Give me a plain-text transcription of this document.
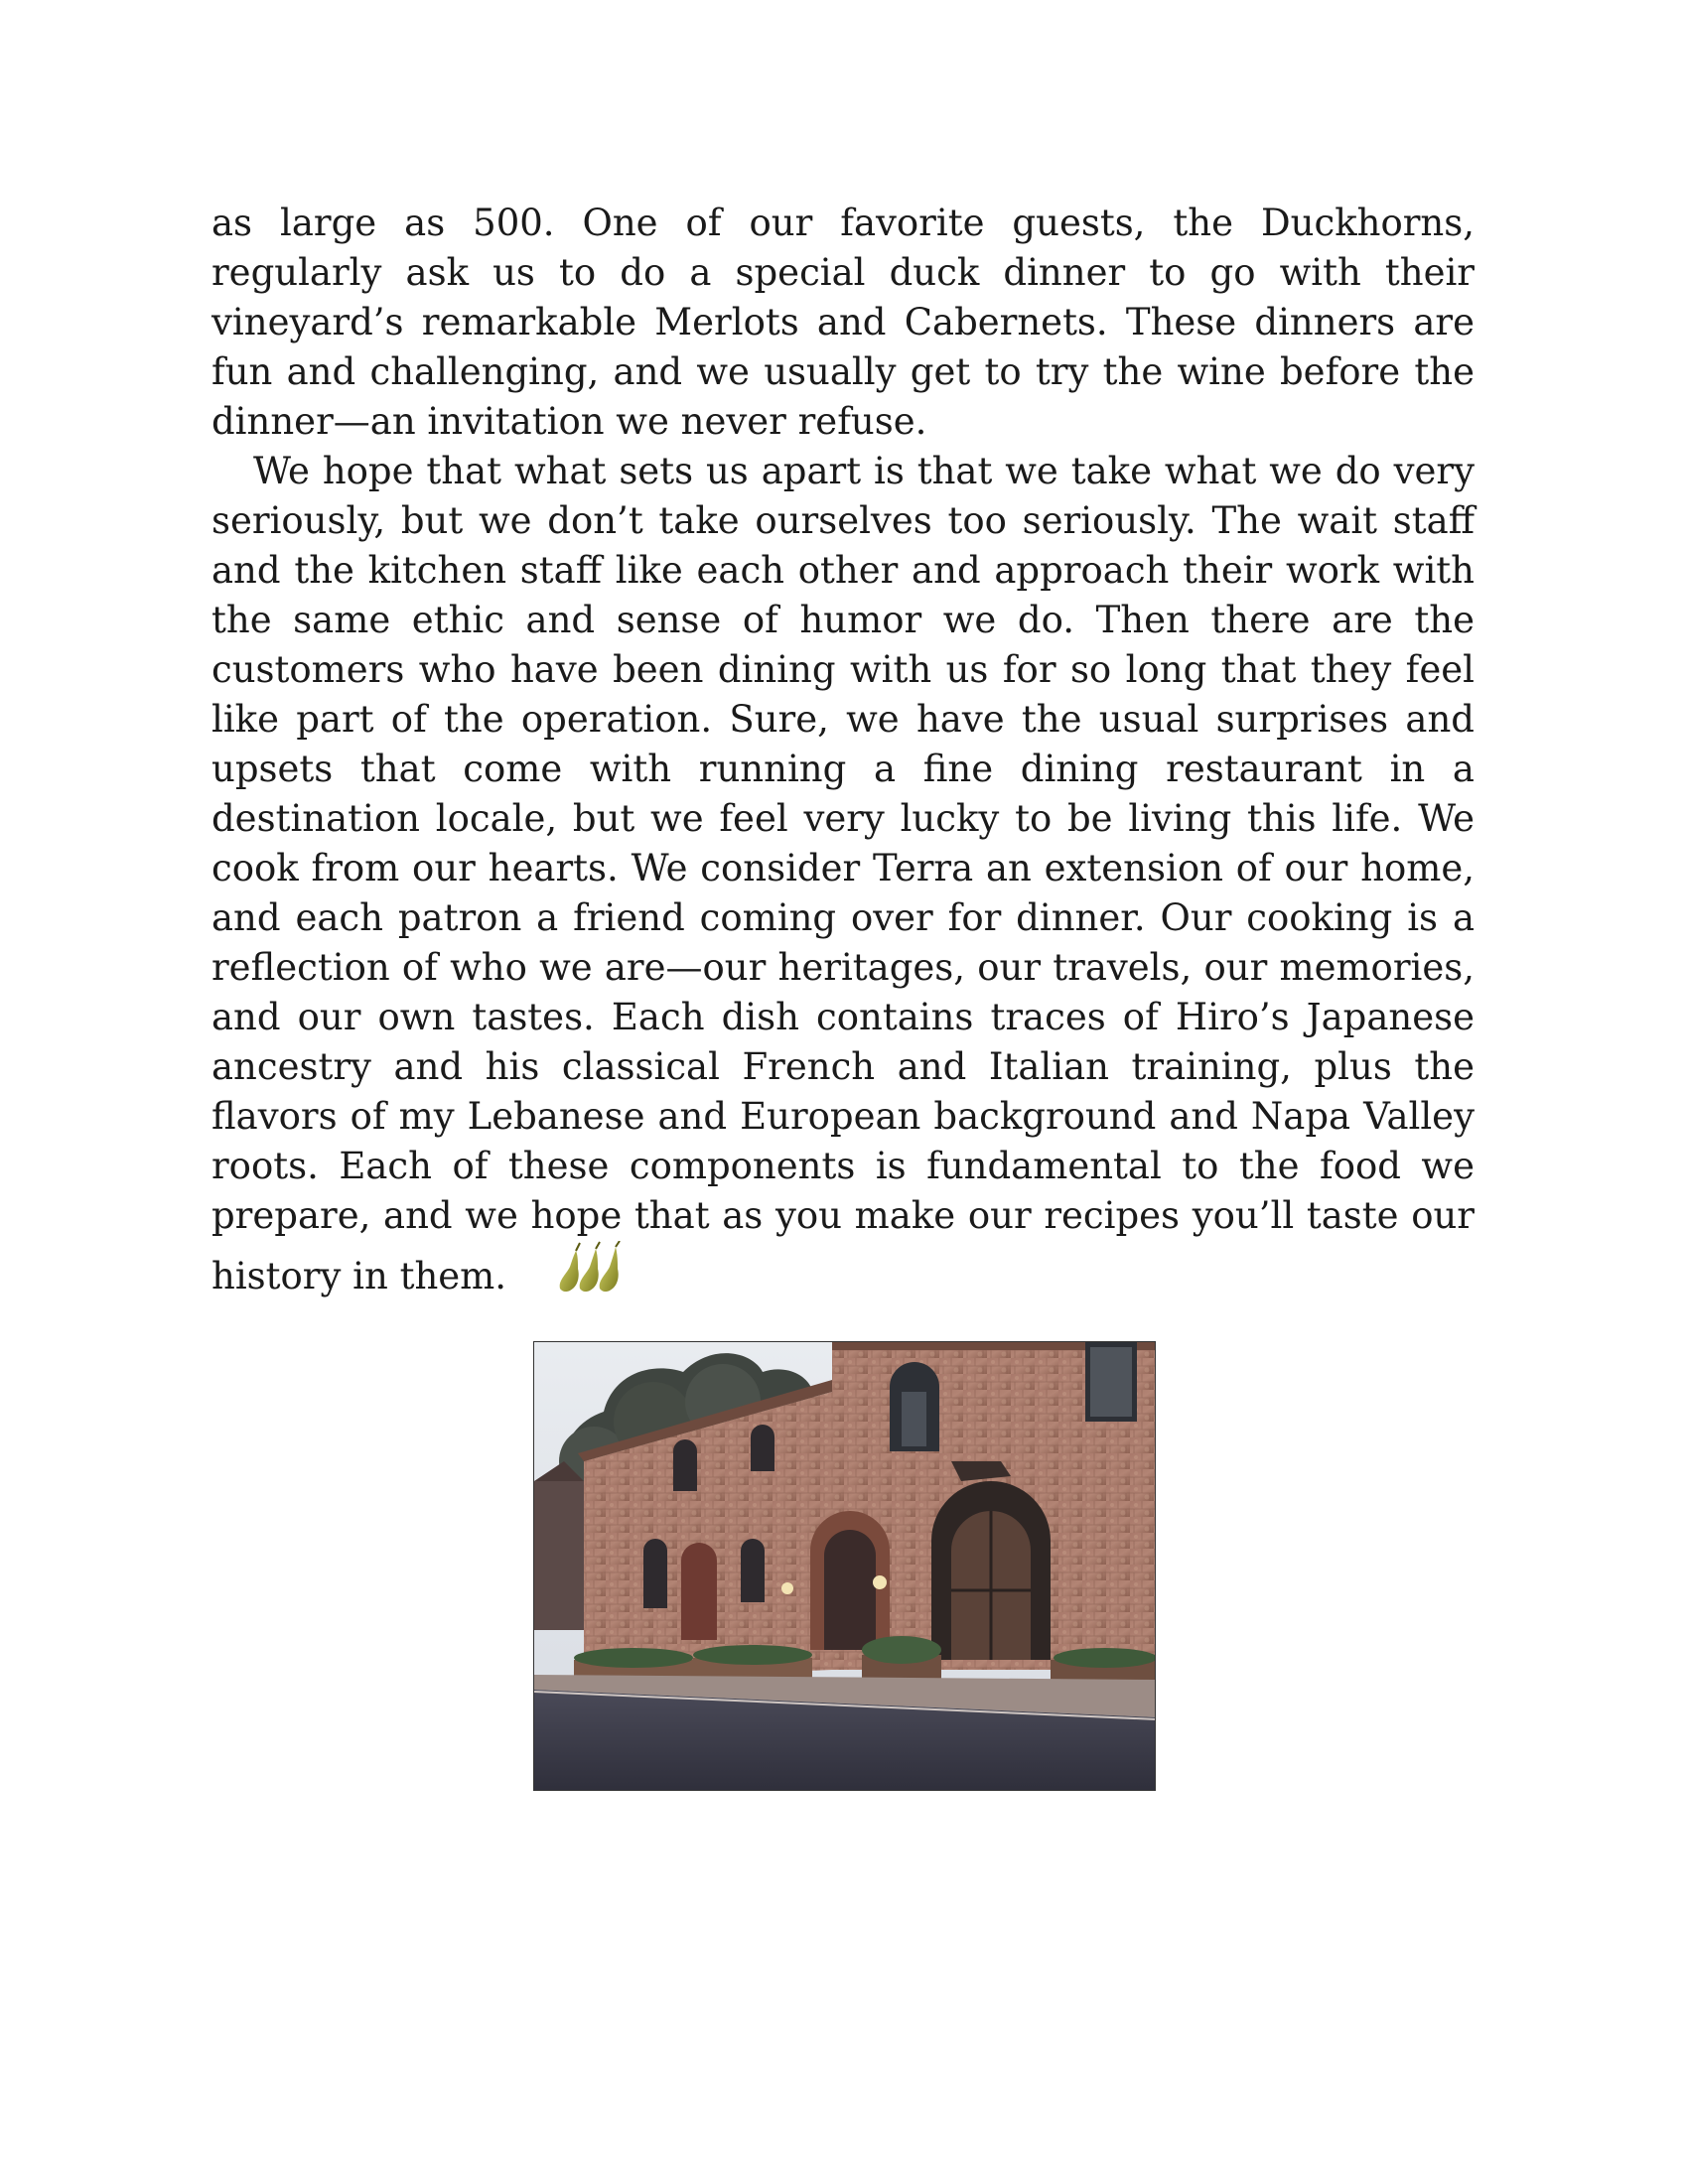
as large as 500. One of our favorite guests, the Duckhorns, regularly ask us to do a special duck dinner to go with their vineyard’s remarkable Merlots and Cabernets. These dinners are fun and challenging, and we usually get to try the wine before the dinner—an invitation we never refuse.

We hope that what sets us apart is that we take what we do very seriously, but we don’t take ourselves too seriously. The wait staff and the kitchen staff like each other and approach their work with the same ethic and sense of humor we do. Then there are the customers who have been dining with us for so long that they feel like part of the operation. Sure, we have the usual surprises and upsets that come with running a fine dining restaurant in a destination locale, but we feel very lucky to be living this life. We cook from our hearts. We consider Terra an extension of our home, and each patron a friend coming over for dinner. Our cooking is a reflection of who we are—our heritages, our travels, our memories, and our own tastes. Each dish contains traces of Hiro’s Japanese ancestry and his classical French and Italian training, plus the flavors of my Lebanese and European background and Napa Valley roots. Each of these components is fundamental to the food we prepare, and we hope that as you make our recipes you’ll taste our history in them.
